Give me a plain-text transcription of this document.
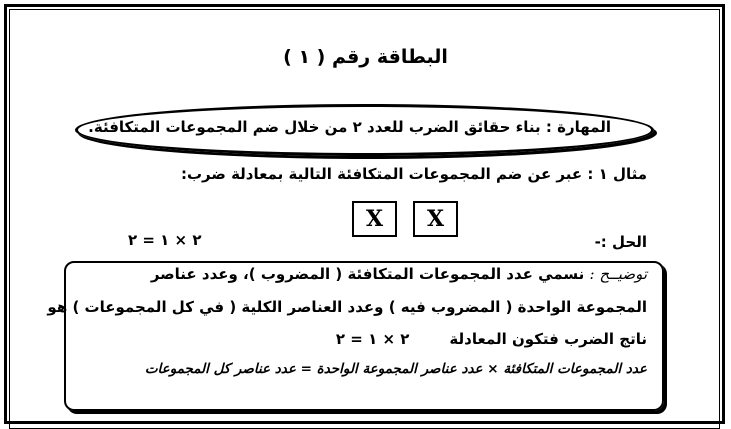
البطاقة رقم ( ١ )
المهارة : بناء حقائق الضرب للعدد ٢ من خلال ضم المجموعات المتكافئة.
مثال ١ : عبر عن ضم المجموعات المتكافئة التالية بمعادلة ضرب:
X	X
الحل :-
٢ × ١ = ٢
توضيــح : نسمي عدد المجموعات المتكافئة ( المضروب )، وعدد عناصر
المجموعة الواحدة ( المضروب فيه ) وعدد العناصر الكلية ( في كل المجموعات ) هو
ناتج الضرب فتكون المعادلة٢ × ١ = ٢
عدد المجموعات المتكافئة × عدد عناصر المجموعة الواحدة = عدد عناصر كل المجموعات
